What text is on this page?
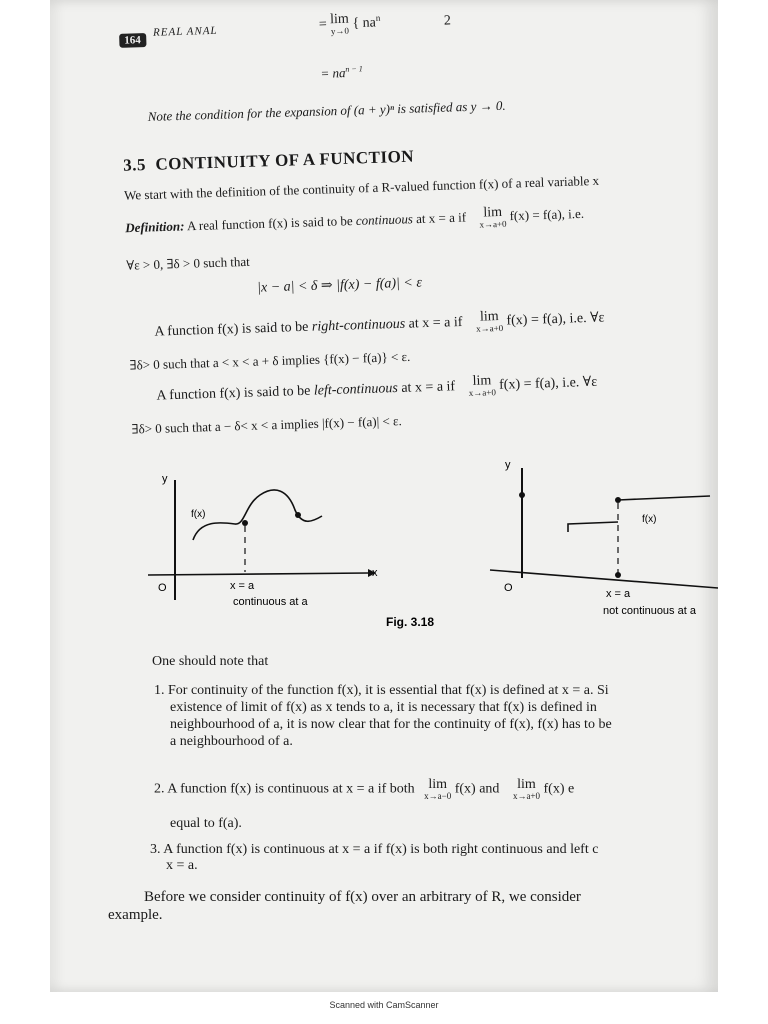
164
REAL ANAL	= lim
y→0 { $na^n$	2
= $na^{n - 1}$
Note the condition for the expansion of (a + y)ⁿ is satisfied as y → 0.
3.5 CONTINUITY OF A FUNCTION
We start with the definition of the continuity of a R-valued function f(x) of a real variable x
Definition: A real function f(x) is said to be continuous at x = a if lim
x→a+0
f(x) = f(a), i.e.
∀ε > 0, ∃δ > 0 such that
|x − a| < δ ⇒ |f(x) − f(a)| < ε
A function f(x) is said to be right-continuous at x = a if lim
x→a+0 f(x) = f(a), i.e. ∀ε
∃δ> 0 such that a < x < a + δ implies {f(x) − f(a)} < ε.
A function f(x) is said to be left-continuous at x = a if lim
x→a+0 f(x) = f(a), i.e. ∀ε
∃δ> 0 such that a − δ< x < a implies |f(x) − f(a)| < ε.
y
x
O
f(x)
x = a
continuous at a
y
O
f(x)
x = a
not continuous at a
Fig. 3.18
One should note that
1. For continuity of the function f(x), it is essential that f(x) is defined at x = a. Si
existence of limit of f(x) as x tends to a, it is necessary that f(x) is defined in
neighbourhood of a, it is now clear that for the continuity of f(x), f(x) has to be
a neighbourhood of a.
2. A function f(x) is continuous at x = a if both lim
x→a−0 f(x) and	lim
x→a+0 f(x) e
equal to f(a).
3. A function f(x) is continuous at x = a if f(x) is both right continuous and left c
x = a.
Before we consider continuity of f(x) over an arbitrary of R, we consider
example.
Scanned with CamScanner
